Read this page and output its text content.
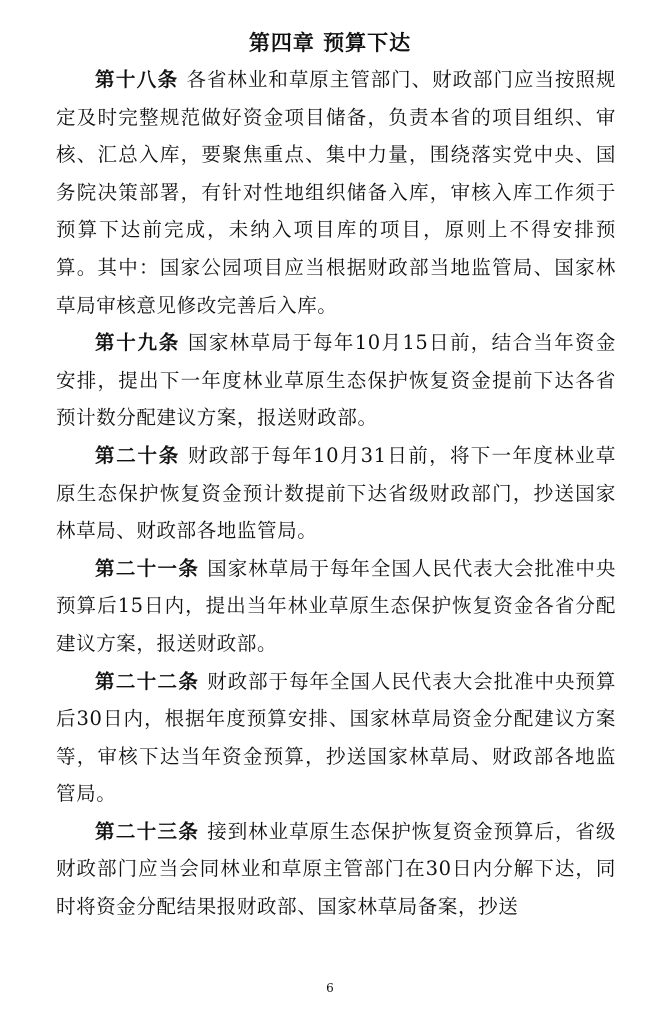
第四章 预算下达

第十八条 各省林业和草原主管部门、财政部门应当按照规定及时完整规范做好资金项目储备，负责本省的项目组织、审核、汇总入库，要聚焦重点、集中力量，围绕落实党中央、国务院决策部署，有针对性地组织储备入库，审核入库工作须于预算下达前完成，未纳入项目库的项目，原则上不得安排预算。其中：国家公园项目应当根据财政部当地监管局、国家林草局审核意见修改完善后入库。

第十九条 国家林草局于每年10月15日前，结合当年资金安排，提出下一年度林业草原生态保护恢复资金提前下达各省预计数分配建议方案，报送财政部。

第二十条 财政部于每年10月31日前，将下一年度林业草原生态保护恢复资金预计数提前下达省级财政部门，抄送国家林草局、财政部各地监管局。

第二十一条 国家林草局于每年全国人民代表大会批准中央预算后15日内，提出当年林业草原生态保护恢复资金各省分配建议方案，报送财政部。

第二十二条 财政部于每年全国人民代表大会批准中央预算后30日内，根据年度预算安排、国家林草局资金分配建议方案等，审核下达当年资金预算，抄送国家林草局、财政部各地监管局。

第二十三条 接到林业草原生态保护恢复资金预算后，省级财政部门应当会同林业和草原主管部门在30日内分解下达，同时将资金分配结果报财政部、国家林草局备案，抄送

6
